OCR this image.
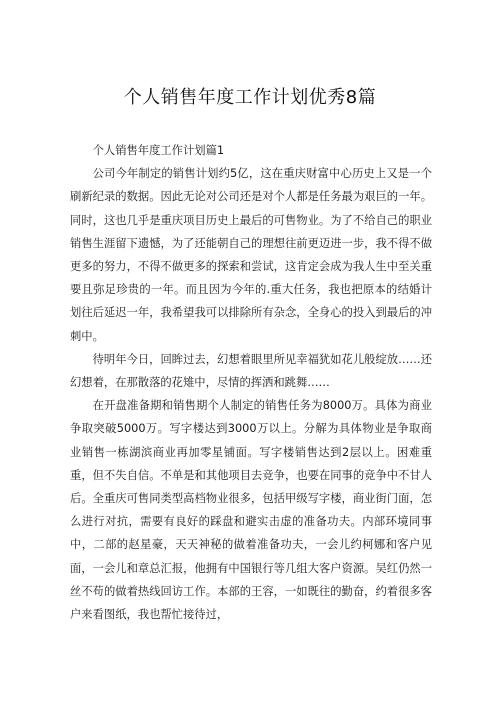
个人销售年度工作计划优秀8篇

个人销售年度工作计划篇1

公司今年制定的销售计划约5亿，这在重庆财富中心历史上又是一个刷新纪录的数据。因此无论对公司还是对个人都是任务最为艰巨的一年。同时，这也几乎是重庆项目历史上最后的可售物业。为了不给自己的职业销售生涯留下遗憾，为了还能朝自己的理想往前更迈进一步，我不得不做更多的努力，不得不做更多的探索和尝试，这肯定会成为我人生中至关重要且弥足珍贵的一年。而且因为今年的.重大任务，我也把原本的结婚计划往后延迟一年，我希望我可以排除所有杂念，全身心的投入到最后的冲刺中。

待明年今日，回眸过去，幻想着眼里所见幸福犹如花儿般绽放……还幻想着，在那散落的花雉中，尽情的挥洒和跳舞……

在开盘准备期和销售期个人制定的销售任务为8000万。具体为商业争取突破5000万。写字楼达到3000万以上。分解为具体物业是争取商业销售一栋湖滨商业再加零星铺面。写字楼销售达到2层以上。困难重重，但不失自信。不单是和其他项目去竞争，也要在同事的竞争中不甘人后。全重庆可售同类型高档物业很多，包括甲级写字楼，商业街门面，怎么进行对抗，需要有良好的踩盘和避实击虚的准备功夫。内部环境同事中，二部的赵星豪，天天神秘的做着准备功夫，一会儿约柯娜和客户见面，一会儿和章总汇报，他拥有中国银行等几组大客户资源。吴红仍然一丝不苟的做着热线回访工作。本部的王容，一如既往的勤奋，约着很多客户来看图纸，我也帮忙接待过，
